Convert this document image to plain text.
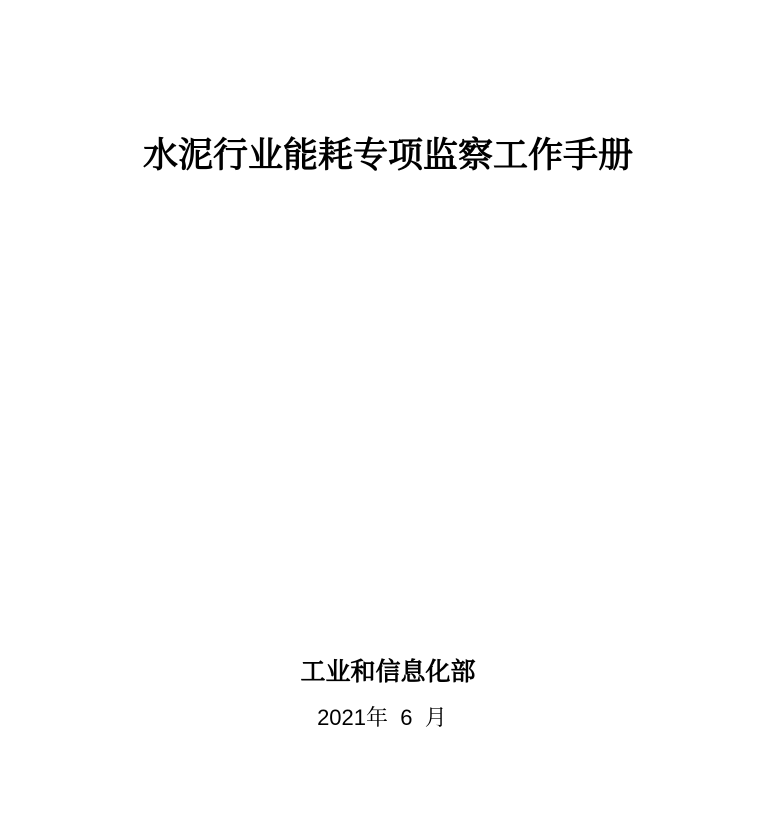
水泥行业能耗专项监察工作手册
工业和信息化部
2021年  6  月
